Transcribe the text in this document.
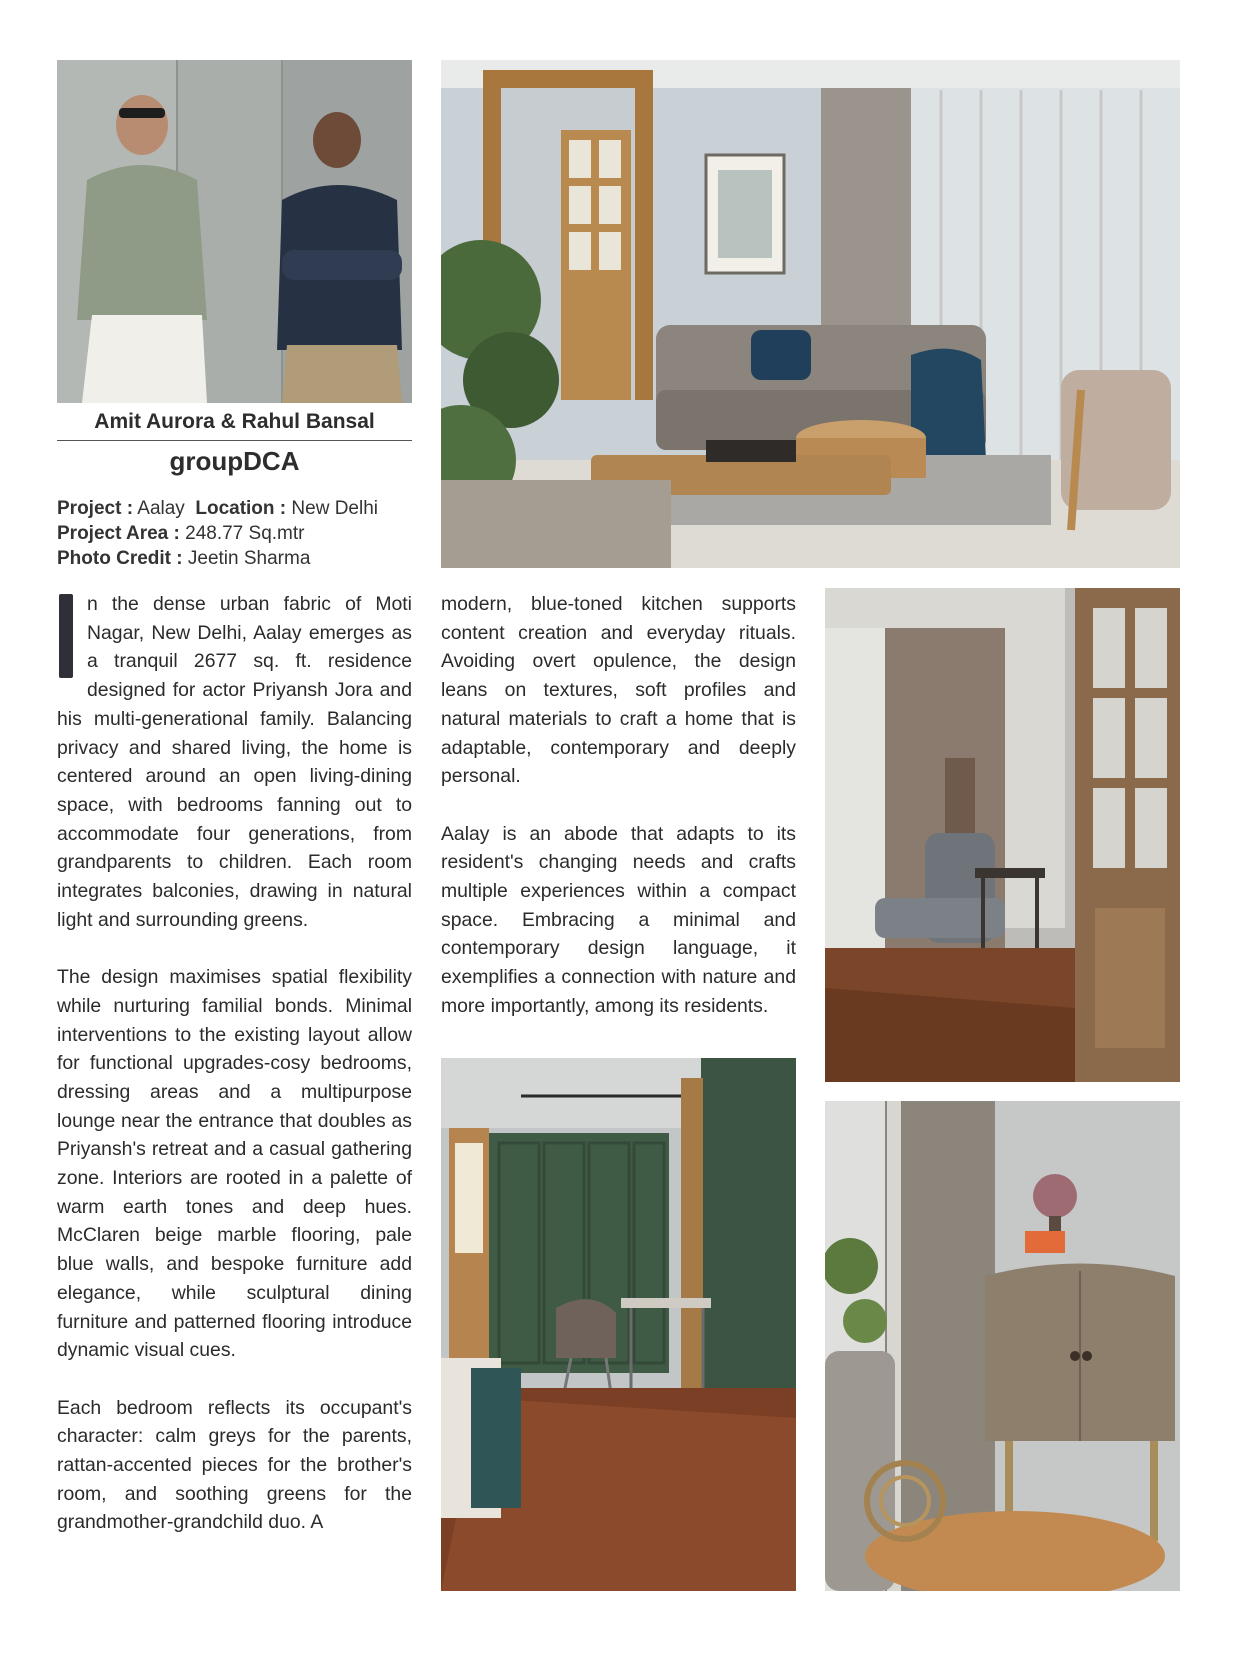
Amit Aurora & Rahul Bansal
groupDCA
Project : Aalay Location : New Delhi
Project Area : 248.77 Sq.mtr
Photo Credit : Jeetin Sharma

n the dense urban fabric of Moti Nagar, New Delhi, Aalay emerges as a tranquil 2677 sq. ft. residence designed for actor Priyansh Jora and his multi-generational family. Balancing privacy and shared living, the home is centered around an open living-dining space, with bedrooms fanning out to accommodate four generations, from grandparents to children. Each room integrates balconies, drawing in natural light and surrounding greens.

The design maximises spatial flexibility while nurturing familial bonds. Minimal interventions to the existing layout allow for functional upgrades-cosy bedrooms, dressing areas and a multipurpose lounge near the entrance that doubles as Priyansh's retreat and a casual gathering zone. Interiors are rooted in a palette of warm earth tones and deep hues. McClaren beige marble flooring, pale blue walls, and bespoke furniture add elegance, while sculptural dining furniture and patterned flooring introduce dynamic visual cues.

Each bedroom reflects its occupant's character: calm greys for the parents, rattan-accented pieces for the brother's room, and soothing greens for the grandmother-grandchild duo. A

modern, blue-toned kitchen supports content creation and everyday rituals. Avoiding overt opulence, the design leans on textures, soft profiles and natural materials to craft a home that is adaptable, contemporary and deeply personal.

Aalay is an abode that adapts to its resident's changing needs and crafts multiple experiences within a compact space. Embracing a minimal and contemporary design language, it exemplifies a connection with nature and more importantly, among its residents.
